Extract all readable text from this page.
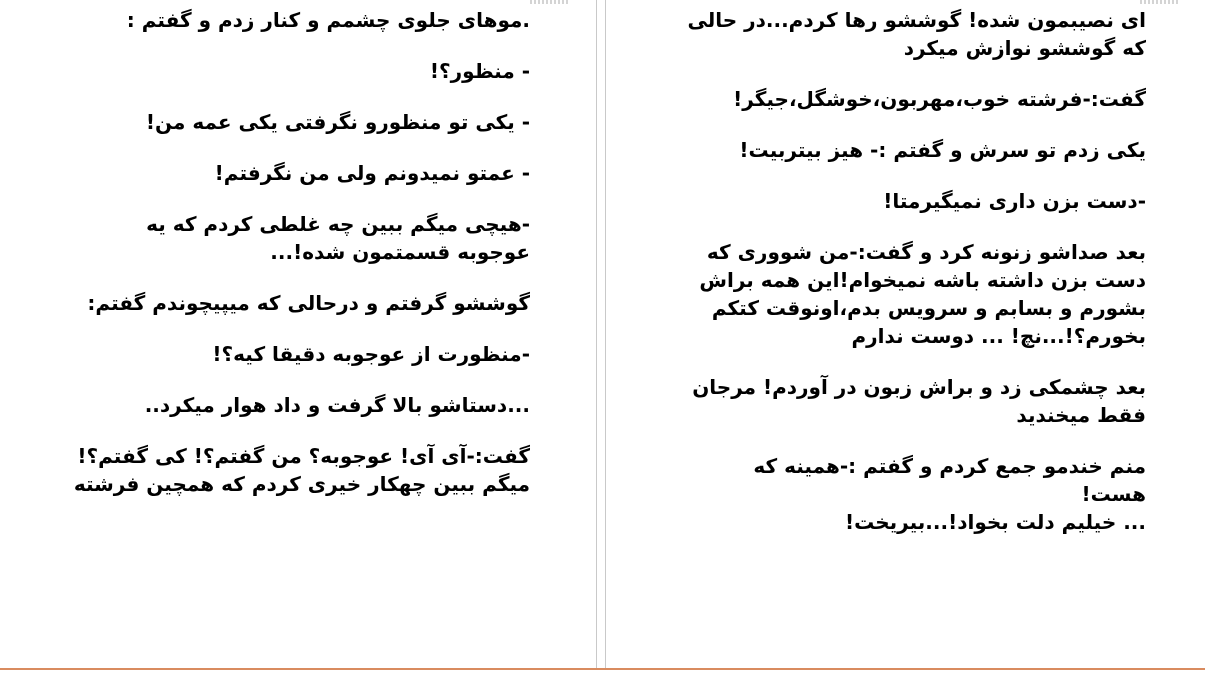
.موهای جلوی چشمم و کنار زدم و گفتم :

- منظور؟!

- یکی تو منظورو نگرفتی یکی عمه من!

- عمتو نمیدونم ولی من نگرفتم!

-هیچی میگم ببین چه غلطی کردم که یه
عوجوبه قسمتمون شده!...

گوششو گرفتم و درحالی که میپیچوندم گفتم:

-منظورت از عوجوبه دقیقا کیه؟!

...دستاشو بالا گرفت و داد هوار میکرد..

گفت:-آی آی! عوجوبه؟ من گفتم؟! کی گفتم؟!
میگم ببین چهکار خیری کردم که همچین فرشته

ای نصیبمون شده! گوششو رها کردم...در حالی
که گوششو نوازش میکرد

گفت:-فرشته خوب،مهربون،خوشگل،جیگر!

یکی زدم تو سرش و گفتم :- هیز بیتربیت!

-دست بزن داری نمیگیرمتا!

بعد صداشو زنونه کرد و گفت:-من شووری که
دست بزن داشته باشه نمیخوام!این همه براش
بشورم و بسابم و سرویس بدم،اونوقت کتکم
بخورم؟!...نچ! ... دوست ندارم

بعد چشمکی زد و براش زبون در آوردم! مرجان
فقط میخندید

منم خندمو جمع کردم و گفتم :-همینه که هست!
... خیلیم دلت بخواد!...بیریخت!
